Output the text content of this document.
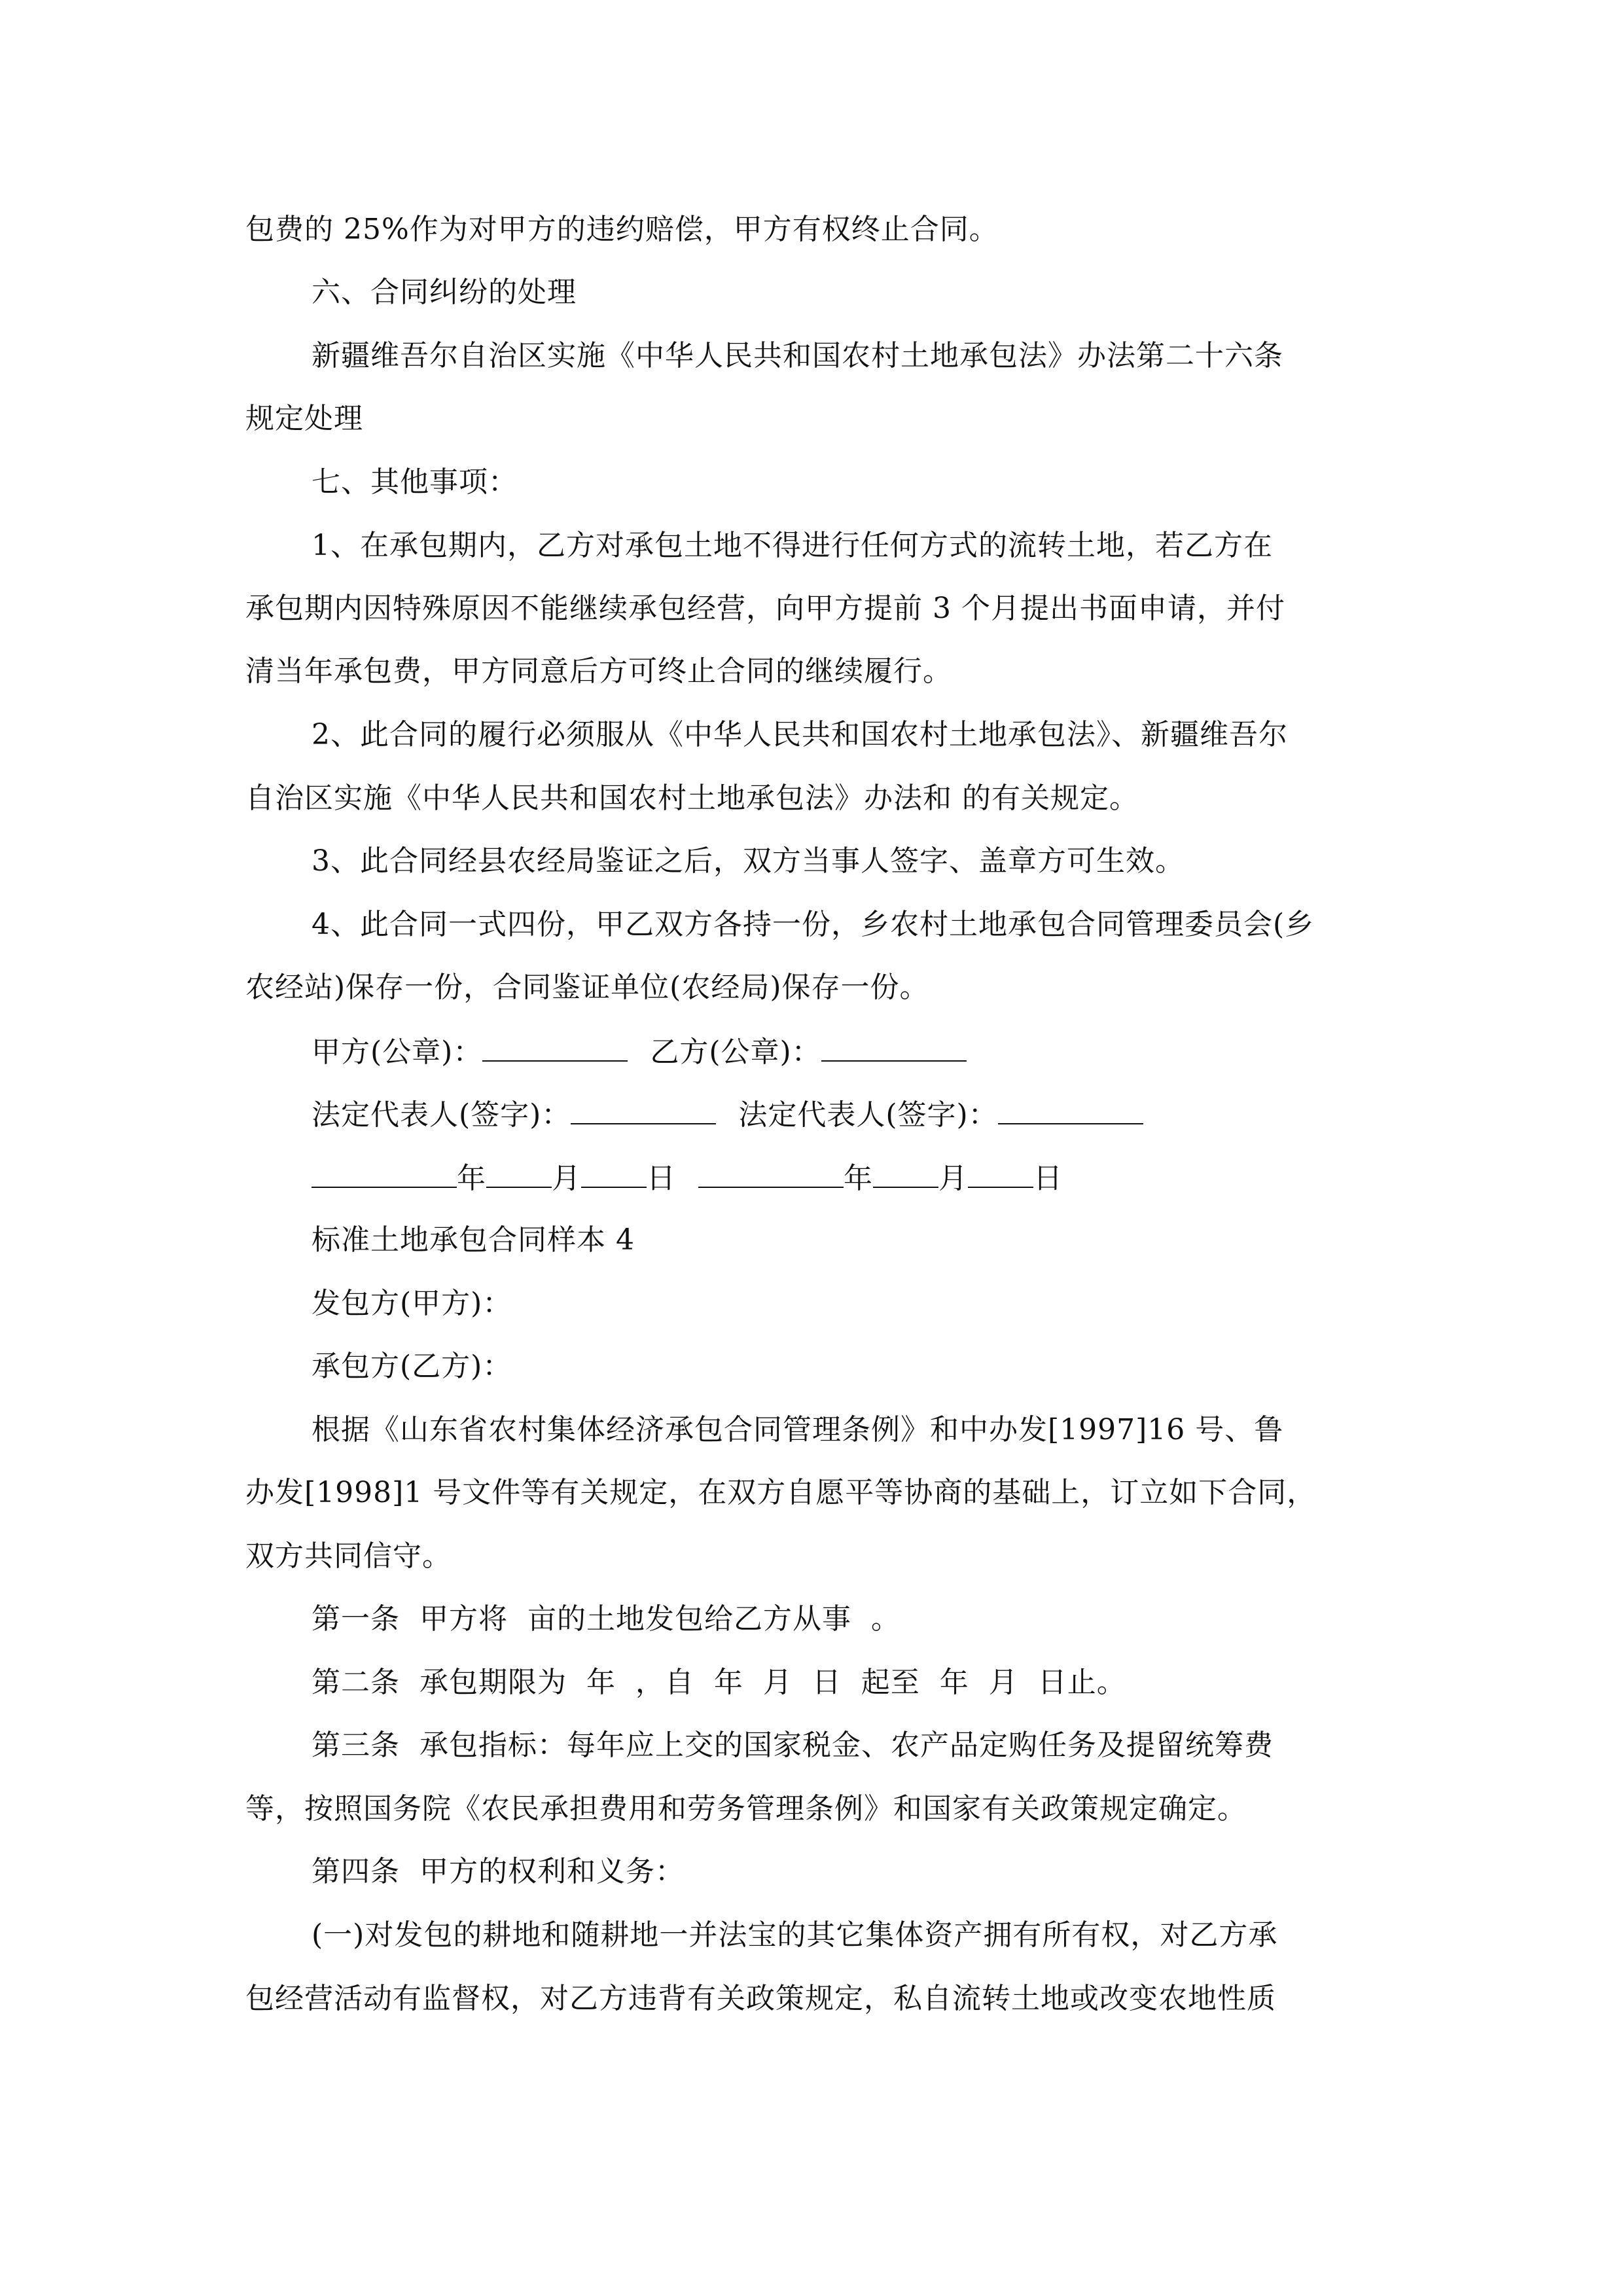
包费的 25%作为对甲方的违约赔偿，甲方有权终止合同。
六、合同纠纷的处理
新疆维吾尔自治区实施《中华人民共和国农村土地承包法》办法第二十六条
规定处理
七、其他事项：
1、在承包期内，乙方对承包土地不得进行任何方式的流转土地，若乙方在
承包期内因特殊原因不能继续承包经营，向甲方提前 3 个月提出书面申请，并付
清当年承包费，甲方同意后方可终止合同的继续履行。
2、此合同的履行必须服从《中华人民共和国农村土地承包法》、新疆维吾尔
自治区实施《中华人民共和国农村土地承包法》办法和 的有关规定。
3、此合同经县农经局鉴证之后，双方当事人签字、盖章方可生效。
4、此合同一式四份，甲乙双方各持一份，乡农村土地承包合同管理委员会(乡
农经站)保存一份，合同鉴证单位(农经局)保存一份。
甲方(公章)：	乙方(公章)：
法定代表人(签字)：	法定代表人(签字)：
年 月 日	年 月 日
标准土地承包合同样本 4
发包方(甲方)：
承包方(乙方)：
根据《山东省农村集体经济承包合同管理条例》和中办发[1997]16 号、鲁
办发[1998]1 号文件等有关规定，在双方自愿平等协商的基础上，订立如下合同，
双方共同信守。
第一条  甲方将  亩的土地发包给乙方从事  。
第二条  承包期限为  年  ，自  年  月  日  起至  年  月  日止。
第三条  承包指标：每年应上交的国家税金、农产品定购任务及提留统筹费
等，按照国务院《农民承担费用和劳务管理条例》和国家有关政策规定确定。
第四条  甲方的权利和义务：
(一)对发包的耕地和随耕地一并法宝的其它集体资产拥有所有权，对乙方承
包经营活动有监督权，对乙方违背有关政策规定，私自流转土地或改变农地性质
